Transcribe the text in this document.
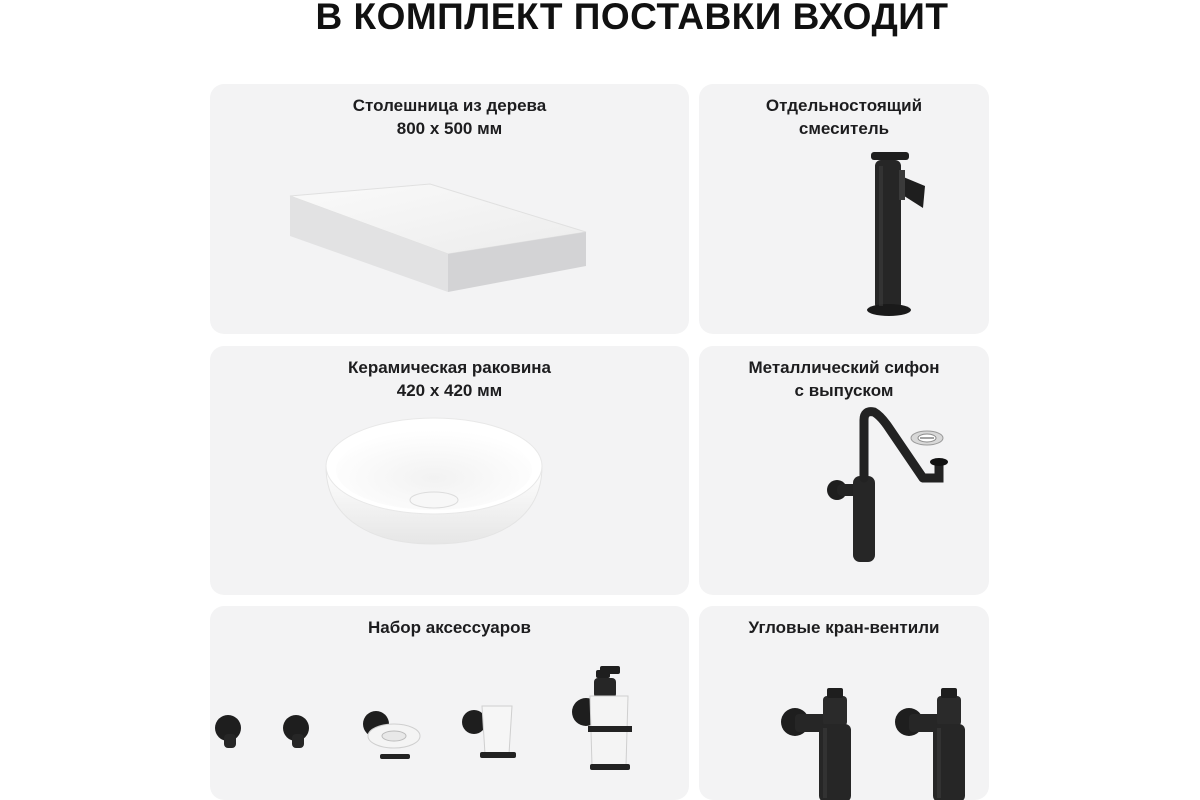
В КОМПЛЕКТ ПОСТАВКИ ВХОДИТ
Столешница из дерева
800 х 500 мм
Отдельностоящий
смеситель
Керамическая раковина
420 х 420 мм
Металлический сифон
с выпуском
Набор аксессуаров	Угловые кран-вентили
